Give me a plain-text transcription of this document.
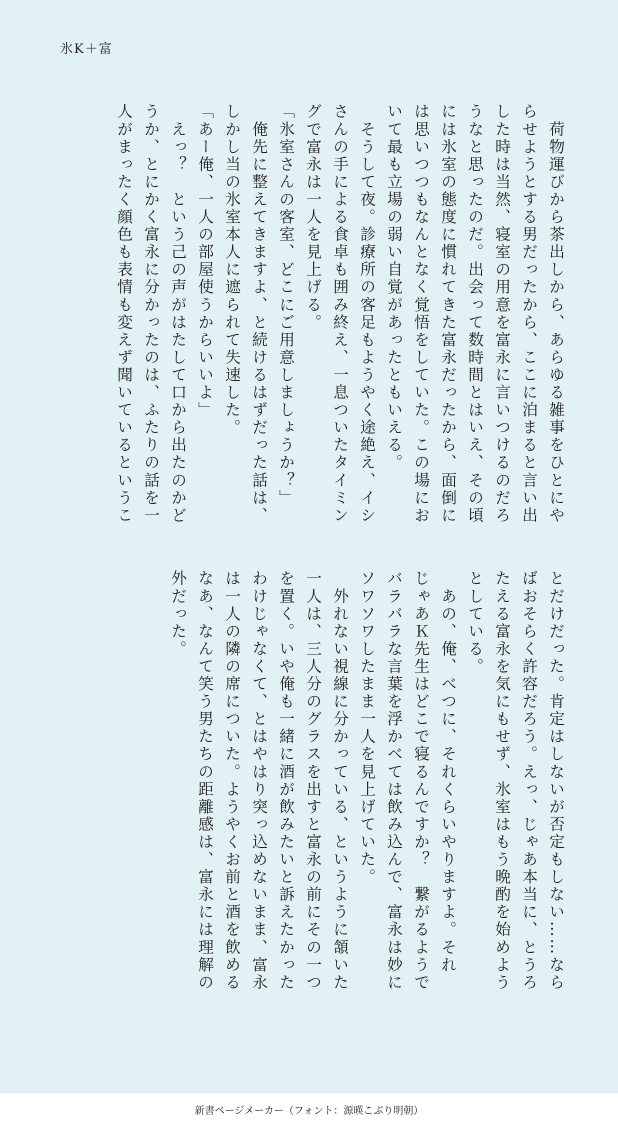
氷K＋富

　荷物運びから茶出しから、あらゆる雑事をひとにや

らせようとする男だったから、ここに泊まると言い出

した時は当然、寝室の用意を富永に言いつけるのだろ

うなと思ったのだ。出会って数時間とはいえ、その頃

には氷室の態度に慣れてきた富永だったから、面倒に

は思いつつもなんとなく覚悟をしていた。この場にお

いて最も立場の弱い自覚があったともいえる。

　そうして夜。診療所の客足もようやく途絶え、イシ

さんの手による食卓も囲み終え、一息ついたタイミン

グで富永は一人を見上げる。

「氷室さんの客室、どこにご用意しましょうか？」

　俺先に整えてきますよ、と続けるはずだった話は、

しかし当の氷室本人に遮られて失速した。

「あー俺、一人の部屋使うからいいよ」

　えっ？　という己の声がはたして口から出たのかど

うか、とにかく富永に分かったのは、ふたりの話を一

人がまったく顔色も表情も変えず聞いているというこ

とだけだった。肯定はしないが否定もしない……なら

ばおそらく許容だろう。えっ、じゃあ本当に、とうろ

たえる富永を気にもせず、氷室はもう晩酌を始めよう

としている。

　あの、俺、べつに、それくらいやりますよ。それ

じゃあＫ先生はどこで寝るんですか？　繋がるようで

バラバラな言葉を浮かべては飲み込んで、富永は妙に

ソワソワしたまま一人を見上げていた。

　外れない視線に分かっている、というように頷いた

一人は、三人分のグラスを出すと富永の前にその一つ

を置く。いや俺も一緒に酒が飲みたいと訴えたかった

わけじゃなくて、とはやはり突っ込めないまま、富永

は一人の隣の席についた。ようやくお前と酒を飲める

なあ、なんて笑う男たちの距離感は、富永には理解の

外だった。

新書ページメーカー（フォント：源暎こぶり明朝）
